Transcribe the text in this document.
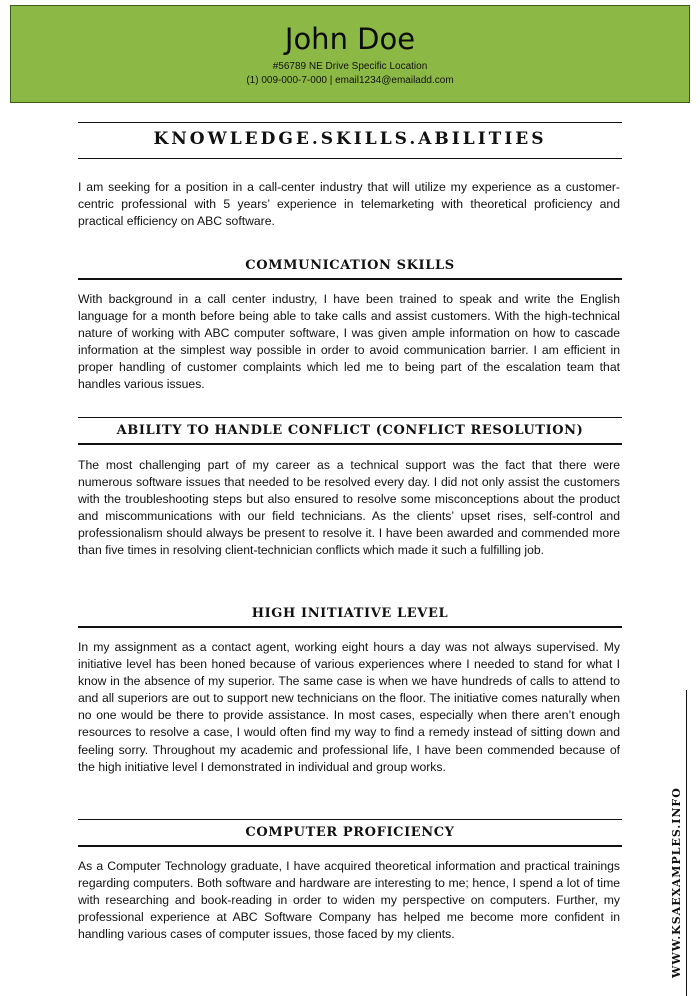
John Doe
#56789 NE Drive Specific Location
(1) 009-000-7-000 | email1234@emailadd.com
KNOWLEDGE.SKILLS.ABILITIES

I am seeking for a position in a call-center industry that will utilize my experience as a customer-centric professional with 5 years’ experience in telemarketing with theoretical proficiency and practical efficiency on ABC software.

COMMUNICATION SKILLS

With background in a call center industry, I have been trained to speak and write the English language for a month before being able to take calls and assist customers. With the high-technical nature of working with ABC computer software, I was given ample information on how to cascade information at the simplest way possible in order to avoid communication barrier. I am efficient in proper handling of customer complaints which led me to being part of the escalation team that handles various issues.

ABILITY TO HANDLE CONFLICT (CONFLICT RESOLUTION)

The most challenging part of my career as a technical support was the fact that there were numerous software issues that needed to be resolved every day. I did not only assist the customers with the troubleshooting steps but also ensured to resolve some misconceptions about the product and miscommunications with our field technicians. As the clients’ upset rises, self-control and professionalism should always be present to resolve it. I have been awarded and commended more than five times in resolving client-technician conflicts which made it such a fulfilling job.

HIGH INITIATIVE LEVEL

In my assignment as a contact agent, working eight hours a day was not always supervised. My initiative level has been honed because of various experiences where I needed to stand for what I know in the absence of my superior. The same case is when we have hundreds of calls to attend to and all superiors are out to support new technicians on the floor. The initiative comes naturally when no one would be there to provide assistance. In most cases, especially when there aren’t enough resources to resolve a case, I would often find my way to find a remedy instead of sitting down and feeling sorry. Throughout my academic and professional life, I have been commended because of the high initiative level I demonstrated in individual and group works.

COMPUTER PROFICIENCY

As a Computer Technology graduate, I have acquired theoretical information and practical trainings regarding computers. Both software and hardware are interesting to me; hence, I spend a lot of time with researching and book-reading in order to widen my perspective on computers. Further, my professional experience at ABC Software Company has helped me become more confident in handling various cases of computer issues, those faced by my clients.	WWW.KSAEXAMPLES.INFO
